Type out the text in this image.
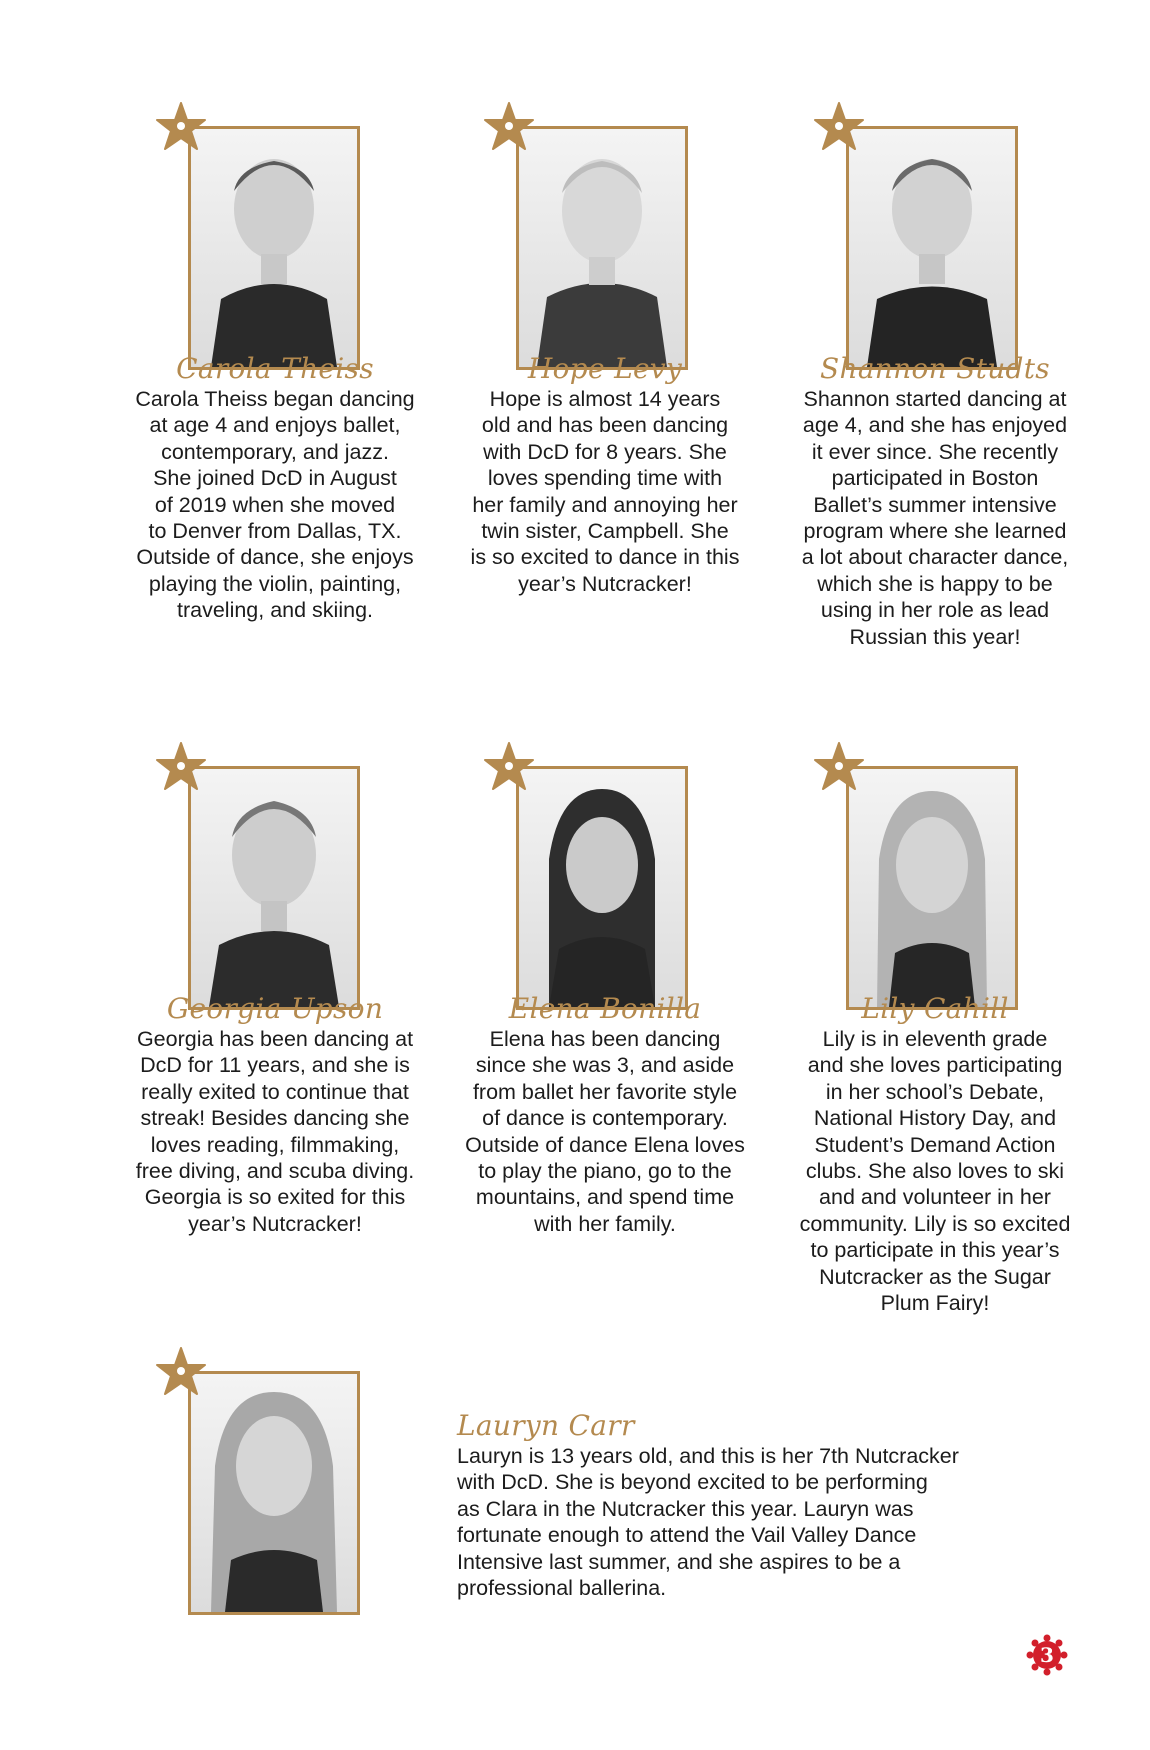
Carola Theiss
Carola Theiss began dancing
at age 4 and enjoys ballet,
contemporary, and jazz.
She joined DcD in August
of 2019 when she moved
to Denver from Dallas, TX.
Outside of dance, she enjoys
playing the violin, painting,
traveling, and skiing.
Hope Levy
Hope is almost 14 years
old and has been dancing
with DcD for 8 years. She
loves spending time with
her family and annoying her
twin sister, Campbell. She
is so excited to dance in this
year’s Nutcracker!
Shannon Studts
Shannon started dancing at
age 4, and she has enjoyed
it ever since. She recently
participated in Boston
Ballet’s summer intensive
program where she learned
a lot about character dance,
which she is happy to be
using in her role as lead
Russian this year!
Georgia Upson
Georgia has been dancing at
DcD for 11 years, and she is
really exited to continue that
streak! Besides dancing she
loves reading, filmmaking,
free diving, and scuba diving.
Georgia is so exited for this
year’s Nutcracker!
Elena Bonilla
Elena has been dancing
since she was 3, and aside
from ballet her favorite style
of dance is contemporary.
Outside of dance Elena loves
to play the piano, go to the
mountains, and spend time
with her family.
Lily Cahill
Lily is in eleventh grade
and she loves participating
in her school’s Debate,
National History Day, and
Student’s Demand Action
clubs. She also loves to ski
and and volunteer in her
community. Lily is so excited
to participate in this year’s
Nutcracker as the Sugar
Plum Fairy!
Lauryn Carr
Lauryn is 13 years old, and this is her 7th Nutcracker
with DcD. She is beyond excited to be performing
as Clara in the Nutcracker this year. Lauryn was
fortunate enough to attend the Vail Valley Dance
Intensive last summer, and she aspires to be a
professional ballerina.
3
